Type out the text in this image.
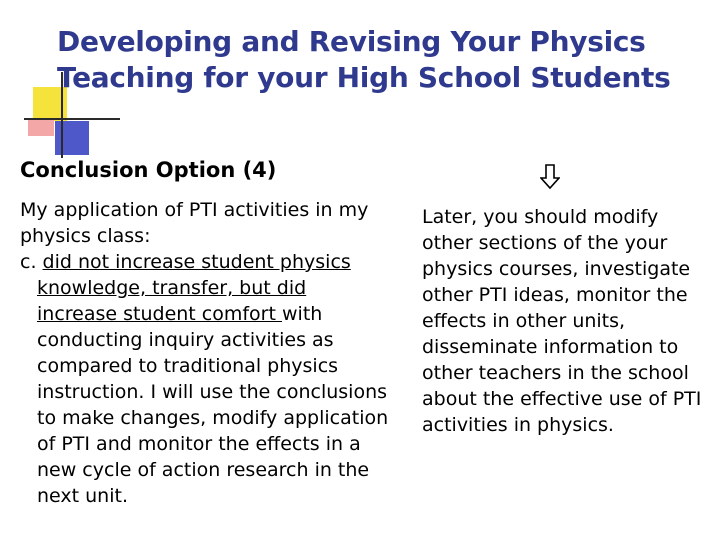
Developing and Revising Your Physics Teaching for your High School Students
Conclusion Option (4)

My application of PTI activities in my physics class:

c. did not increase student physics knowledge, transfer, but did increase student comfort with conducting inquiry activities as compared to traditional physics instruction. I will use the conclusions to make changes, modify application of PTI and monitor the effects in a new cycle of action research in the next unit.

Later, you should modify other sections of the your physics courses, investigate other PTI ideas, monitor the effects in other units, disseminate information to other teachers in the school about the effective use of PTI activities in physics.
